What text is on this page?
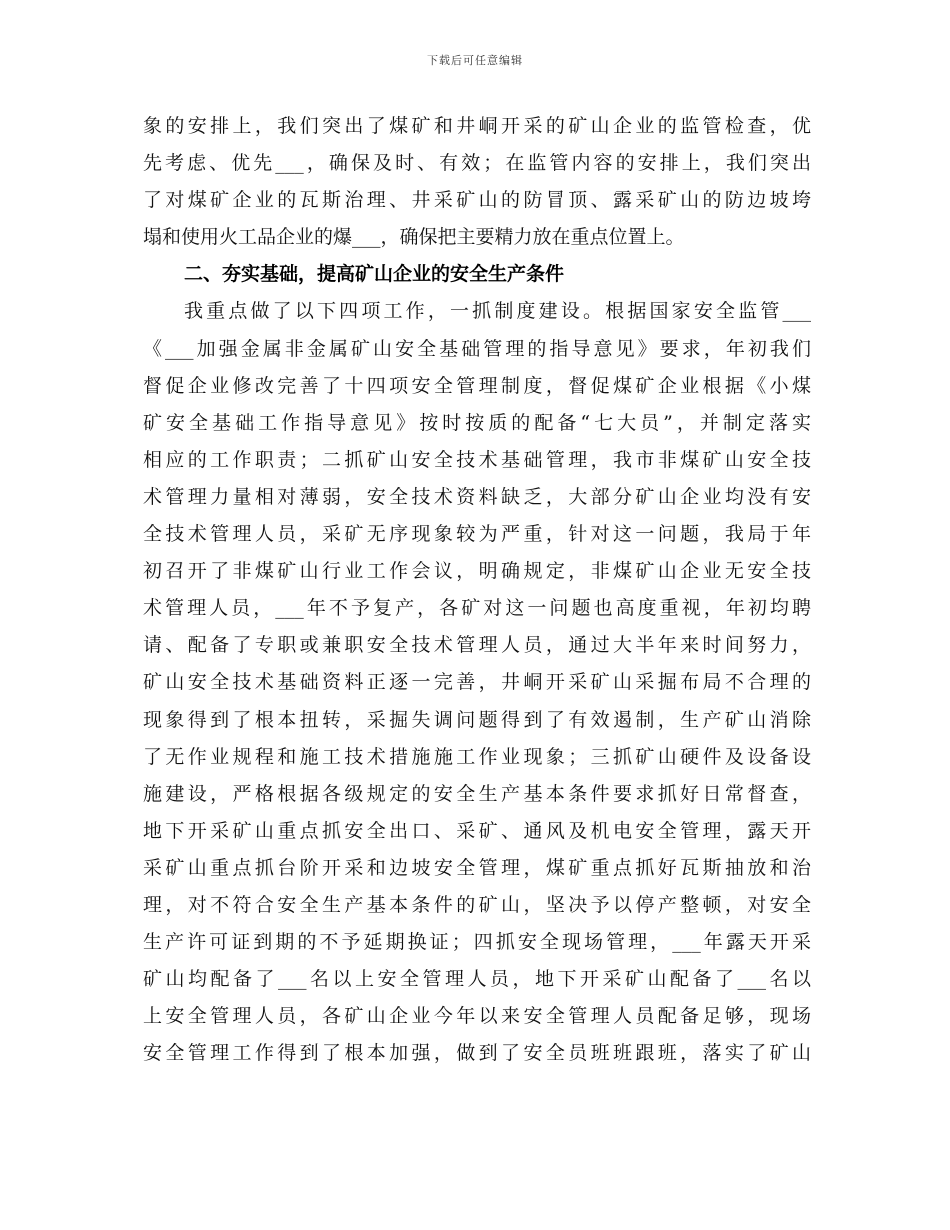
下载后可任意编辑
象的安排上，我们突出了煤矿和井峒开采的矿山企业的监管检查，优
先考虑、优先___，确保及时、有效；在监管内容的安排上，我们突出
了对煤矿企业的瓦斯治理、井采矿山的防冒顶、露采矿山的防边坡垮
塌和使用火工品企业的爆___，确保把主要精力放在重点位置上。
二、夯实基础，提高矿山企业的安全生产条件
我重点做了以下四项工作，一抓制度建设。根据国家安全监管___
《___加强金属非金属矿山安全基础管理的指导意见》要求，年初我们
督促企业修改完善了十四项安全管理制度，督促煤矿企业根据《小煤
矿安全基础工作指导意见》按时按质的配备“七大员”，并制定落实
相应的工作职责；二抓矿山安全技术基础管理，我市非煤矿山安全技
术管理力量相对薄弱，安全技术资料缺乏，大部分矿山企业均没有安
全技术管理人员，采矿无序现象较为严重，针对这一问题，我局于年
初召开了非煤矿山行业工作会议，明确规定，非煤矿山企业无安全技
术管理人员，___年不予复产，各矿对这一问题也高度重视，年初均聘
请、配备了专职或兼职安全技术管理人员，通过大半年来时间努力，
矿山安全技术基础资料正逐一完善，井峒开采矿山采掘布局不合理的
现象得到了根本扭转，采掘失调问题得到了有效遏制，生产矿山消除
了无作业规程和施工技术措施施工作业现象；三抓矿山硬件及设备设
施建设，严格根据各级规定的安全生产基本条件要求抓好日常督查，
地下开采矿山重点抓安全出口、采矿、通风及机电安全管理，露天开
采矿山重点抓台阶开采和边坡安全管理，煤矿重点抓好瓦斯抽放和治
理，对不符合安全生产基本条件的矿山，坚决予以停产整顿，对安全
生产许可证到期的不予延期换证；四抓安全现场管理，___年露天开采
矿山均配备了___名以上安全管理人员，地下开采矿山配备了___名以
上安全管理人员，各矿山企业今年以来安全管理人员配备足够，现场
安全管理工作得到了根本加强，做到了安全员班班跟班，落实了矿山
